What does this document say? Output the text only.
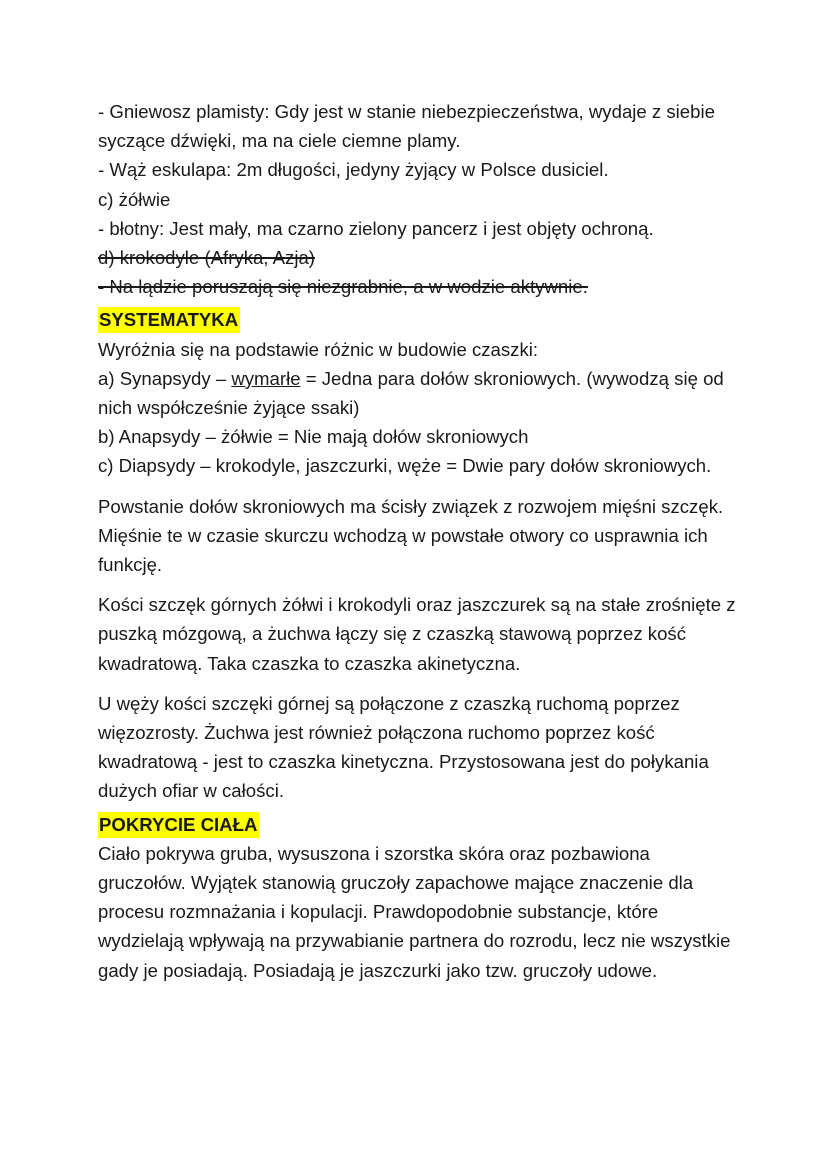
- Gniewosz plamisty: Gdy jest w stanie niebezpieczeństwa, wydaje z siebie
syczące dźwięki, ma na ciele ciemne plamy.
- Wąż eskulapa: 2m długości, jedyny żyjący w Polsce dusiciel.
c) żółwie
- błotny: Jest mały, ma czarno zielony pancerz i jest objęty ochroną.
d) krokodyle (Afryka, Azja)
- Na lądzie poruszają się niezgrabnie, a w wodzie aktywnie.
SYSTEMATYKA
Wyróżnia się na podstawie różnic w budowie czaszki:
a) Synapsydy – wymarłe = Jedna para dołów skroniowych. (wywodzą się od
nich współcześnie żyjące ssaki)
b) Anapsydy – żółwie = Nie mają dołów skroniowych
c) Diapsydy – krokodyle, jaszczurki, węże = Dwie pary dołów skroniowych.
Powstanie dołów skroniowych ma ścisły związek z rozwojem mięśni szczęk.
Mięśnie te w czasie skurczu wchodzą w powstałe otwory co usprawnia ich
funkcję.
Kości szczęk górnych żółwi i krokodyli oraz jaszczurek są na stałe zrośnięte z
puszką mózgową, a żuchwa łączy się z czaszką stawową poprzez kość
kwadratową. Taka czaszka to czaszka akinetyczna.
U węży kości szczęki górnej są połączone z czaszką ruchomą poprzez
więzozrosty. Żuchwa jest również połączona ruchomo poprzez kość
kwadratową - jest to czaszka kinetyczna. Przystosowana jest do połykania
dużych ofiar w całości.
POKRYCIE CIAŁA
Ciało pokrywa gruba, wysuszona i szorstka skóra oraz pozbawiona
gruczołów. Wyjątek stanowią gruczoły zapachowe mające znaczenie dla
procesu rozmnażania i kopulacji. Prawdopodobnie substancje, które
wydzielają wpływają na przywabianie partnera do rozrodu, lecz nie wszystkie
gady je posiadają. Posiadają je jaszczurki jako tzw. gruczoły udowe.
